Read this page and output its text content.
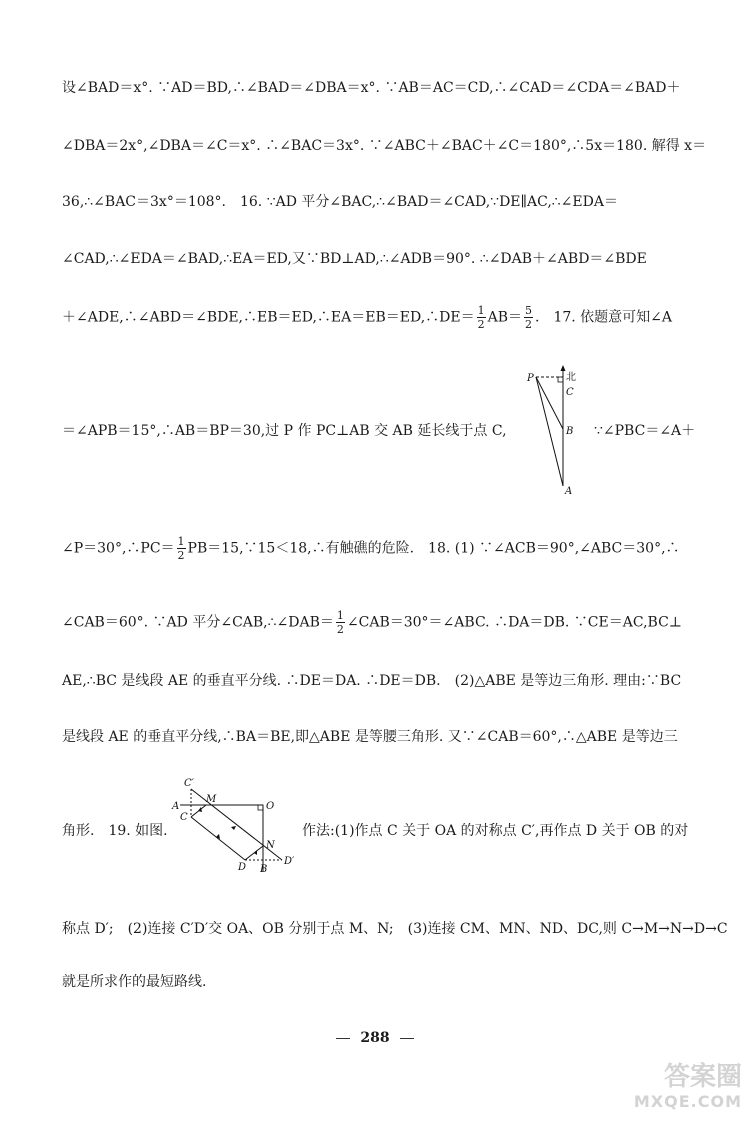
设∠BAD＝x°. ∵AD＝BD,∴∠BAD＝∠DBA＝x°. ∵AB＝AC＝CD,∴∠CAD＝∠CDA＝∠BAD＋
∠DBA＝2x°,∠DBA＝∠C＝x°. ∴∠BAC＝3x°. ∵∠ABC＋∠BAC＋∠C＝180°,∴5x＝180. 解得 x＝
36,∴∠BAC＝3x°＝108°.　16. ∵AD 平分∠BAC,∴∠BAD＝∠CAD,∵DE∥AC,∴∠EDA＝
∠CAD,∴∠EDA＝∠BAD,∴EA＝ED,又∵BD⊥AD,∴∠ADB＝90°. ∴∠DAB＋∠ABD＝∠BDE
＋∠ADE,∴∠ABD＝∠BDE,∴EB＝ED,∴EA＝EB＝ED,∴DE＝ $\frac{1}{2} AB= \frac{5}{2}$ .　17. 依题意可知∠A
＝∠APB＝15°,∴AB＝BP＝30,过 P 作 PC⊥AB 交 AB 延长线于点 C,	∵∠PBC＝∠A＋
∠P＝30°,∴PC＝ $\frac{1}{2}$ PB＝15,∵15＜18,∴有触礁的危险.　18. (1) ∵∠ACB＝90°,∠ABC＝30°,∴
∠CAB＝60°. ∵AD 平分∠CAB,∴∠DAB＝ $\frac{1}{2}$ ∠CAB＝30°＝∠ABC. ∴DA＝DB. ∵CE＝AC,BC⊥
AE,∴BC 是线段 AE 的垂直平分线. ∴DE＝DA. ∴DE＝DB.　(2)△ABE 是等边三角形. 理由:∵BC
是线段 AE 的垂直平分线,∴BA＝BE,即△ABE 是等腰三角形. 又∵∠CAB＝60°,∴△ABE 是等边三
角形.　19. 如图.	作法:(1)作点 C 关于 OA 的对称点 C′,再作点 D 关于 OB 的对
称点 D′;　(2)连接 C′D′交 OA、OB 分别于点 M、N;　(3)连接 CM、MN、ND、DC,则 C→M→N→D→C
就是所求作的最短路线.
P	北
C
B
A
C′
A
M
O
C
N
D B
D′
288
答案圈
MXQE.COM
